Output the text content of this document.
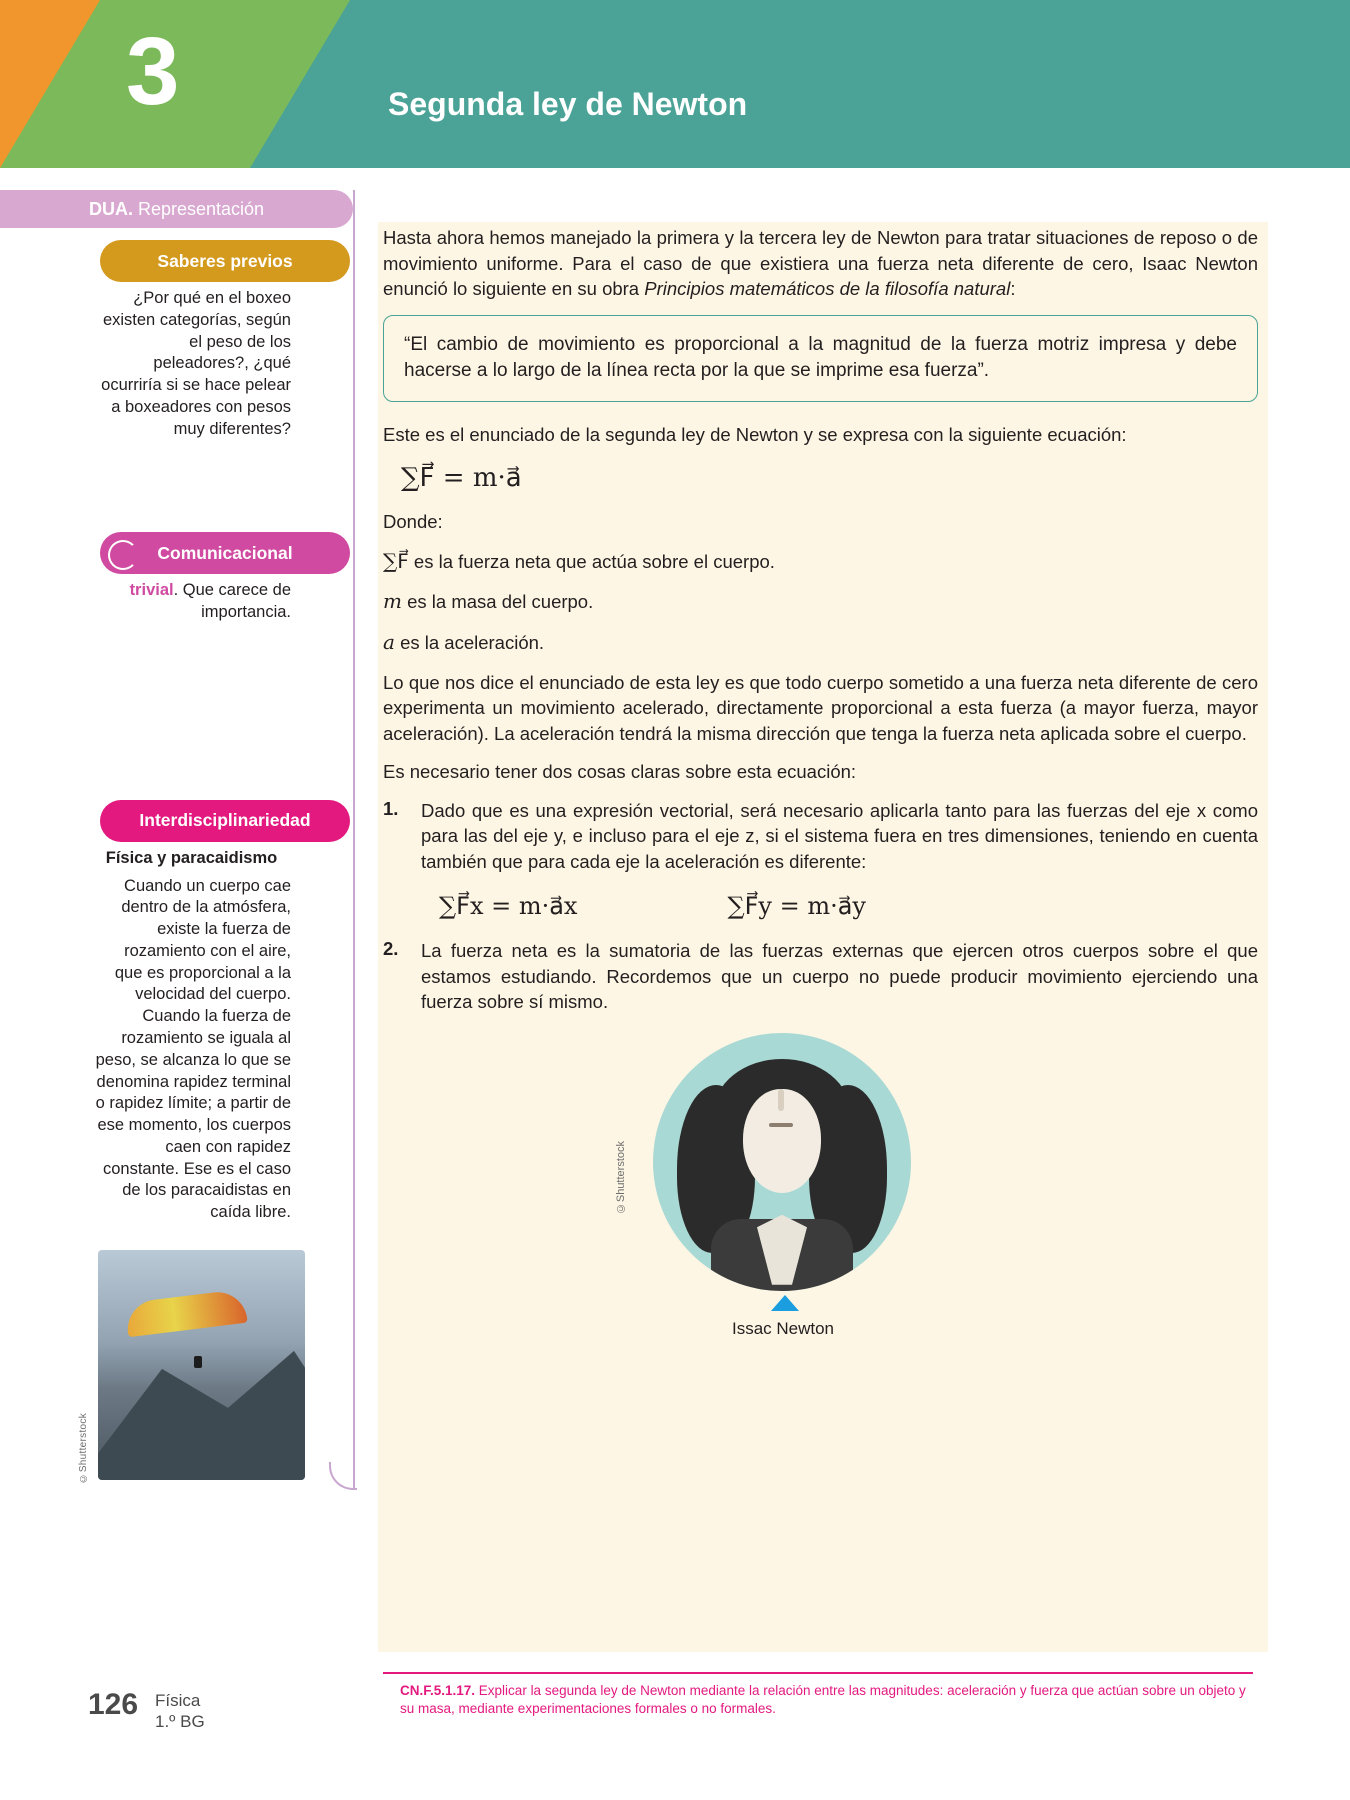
3	Segunda ley de Newton
DUA. Representación
Saberes previos
¿Por qué en el boxeo existen categorías, según el peso de los peleadores?, ¿qué ocurriría si se hace pelear a boxeadores con pesos muy diferentes?
Comunicacional
trivial. Que carece de importancia.
Interdisciplinariedad
Física y paracaidismo
Cuando un cuerpo cae dentro de la atmósfera, existe la fuerza de rozamiento con el aire, que es proporcional a la velocidad del cuerpo. Cuando la fuerza de rozamiento se iguala al peso, se alcanza lo que se denomina rapidez terminal o rapidez límite; a partir de ese momento, los cuerpos caen con rapidez constante. Ese es el caso de los paracaidistas en caída libre.
©Shutterstock

Hasta ahora hemos manejado la primera y la tercera ley de Newton para tratar situaciones de reposo o de movimiento uniforme. Para el caso de que existiera una fuerza neta diferente de cero, Isaac Newton enunció lo siguiente en su obra Principios matemáticos de la filosofía natural:

“El cambio de movimiento es proporcional a la magnitud de la fuerza motriz impresa y debe hacerse a lo largo de la línea recta por la que se imprime esa fuerza”.

Este es el enunciado de la segunda ley de Newton y se expresa con la siguiente ecuación:

∑F⃗ = m·a⃗

Donde:

∑F⃗ es la fuerza neta que actúa sobre el cuerpo.

m es la masa del cuerpo.

a es la aceleración.

Lo que nos dice el enunciado de esta ley es que todo cuerpo sometido a una fuerza neta diferente de cero experimenta un movimiento acelerado, directamente proporcional a esta fuerza (a mayor fuerza, mayor aceleración). La aceleración tendrá la misma dirección que tenga la fuerza neta aplicada sobre el cuerpo.

Es necesario tener dos cosas claras sobre esta ecuación:

1.	Dado que es una expresión vectorial, será necesario aplicarla tanto para las fuerzas del eje x como para las del eje y, e incluso para el eje z, si el sistema fuera en tres dimensiones, teniendo en cuenta también que para cada eje la aceleración es diferente:
∑F⃗x = m·a⃗x	∑F⃗y = m·a⃗y
2.	La fuerza neta es la sumatoria de las fuerzas externas que ejercen otros cuerpos sobre el que estamos estudiando. Recordemos que un cuerpo no puede producir movimiento ejerciendo una fuerza sobre sí mismo.
©Shutterstock
Issac Newton
CN.F.5.1.17. Explicar la segunda ley de Newton mediante la relación entre las magnitudes: aceleración y fuerza que actúan sobre un objeto y su masa, mediante experimentaciones formales o no formales.
126 Física
1.º BG
